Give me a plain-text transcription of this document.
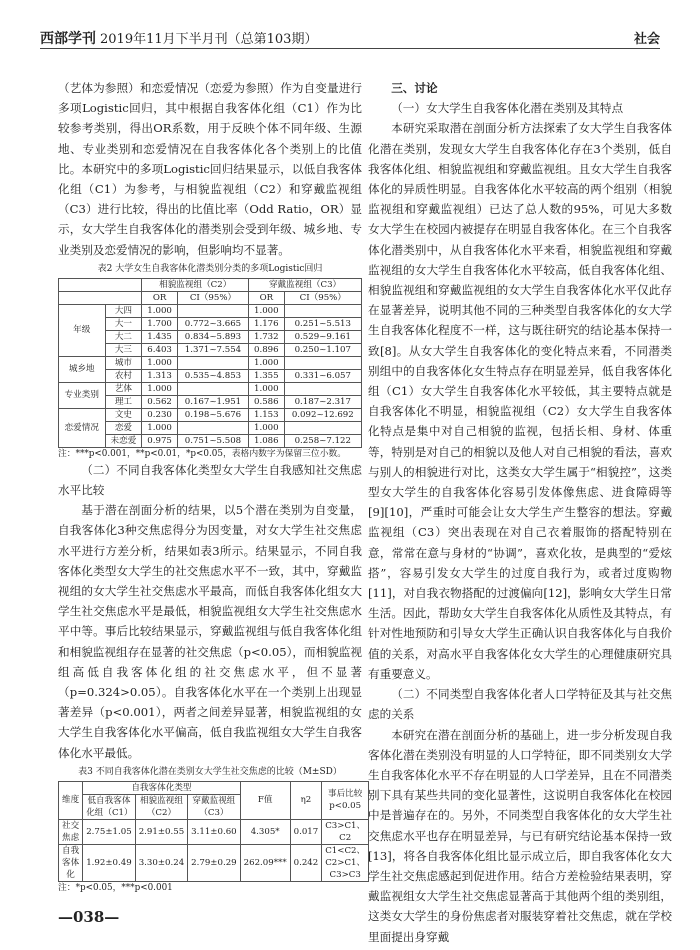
西部学刊 2019年11月下半月刊（总第103期）	社会

（艺体为参照）和恋爱情况（恋爱为参照）作为自变量进行多项Logistic回归，其中根据自我客体化组（C1）作为比较参考类别，得出OR系数，用于反映个体不同年级、生源地、专业类别和恋爱情况在自我客体化各个类别上的比值比。本研究中的多项Logistic回归结果显示，以低自我客体化组（C1）为参考，与相貌监视组（C2）和穿戴监视组（C3）进行比较，得出的比值比率（Odd Ratio，OR）显示，女大学生自我客体化的潜类别会受到年级、城乡地、专业类别及恋爱情况的影响，但影响均不显著。

表2 大学女生自我客体化潜类别分类的多项Logistic回归
		相貌监视组（C2）		穿戴监视组（C3）	
		OR	CI（95%）	OR	CI（95%）
年级	大四	1.000		1.000	
	大一	1.700	0.772~3.665	1.176	0.251~5.513
	大二	1.435	0.834~5.893	1.732	0.529~9.161
	大三	6.403	1.371~7.554	0.896	0.250~1.107
城乡地	城市	1.000		1.000	
	农村	1.313	0.535~4.853	1.355	0.331~6.057
专业类别	艺体	1.000		1.000	
	理工	0.562	0.167~1.951	0.586	0.187~2.317
恋爱情况	文史	0.230	0.198~5.676	1.153	0.092~12.692
	恋爱	1.000		1.000	
	未恋爱	0.975	0.751~5.508	1.086	0.258~7.122

注：***p<0.001，**p<0.01，*p<0.05，表格内数字为保留三位小数。

（二）不同自我客体化类型女大学生自我感知社交焦虑水平比较

基于潜在剖面分析的结果，以5个潜在类别为自变量，自我客体化3种交焦虑得分为因变量，对女大学生社交焦虑水平进行方差分析，结果如表3所示。结果显示，不同自我客体化类型女大学生的社交焦虑水平不一致，其中，穿戴监视组的女大学生社交焦虑水平最高，而低自我客体化组女大学生社交焦虑水平是最低，相貌监视组女大学生社交焦虑水平中等。事后比较结果显示，穿戴监视组与低自我客体化组和相貌监视组存在显著的社交焦虑（p<0.05），而相貌监视组高低自我客体化组的社交焦虑水平，但不显著（p=0.324>0.05）。自我客体化水平在一个类别上出现显著差异（p<0.001），两者之间差异显著，相貌监视组的女大学生自我客体化水平偏高，低自我监视组女大学生自我客体化水平最低。

表3 不同自我客体化潜在类别女大学生社交焦虑的比较（M±SD）
维度	自我客体化类型			F值	η2	事后比较p<0.05
	低自我客体化组（C1）	相貌监视组（C2）	穿戴监视组（C3）			
社交焦虑	2.75±1.05	2.91±0.55	3.11±0.60	4.305*	0.017	C3>C1、C2
自我客体化	1.92±0.49	3.30±0.24	2.79±0.29	262.09***	0.242	C1<C2、C2>C1、C3>C3

注：*p<0.05，***p<0.001

三、讨论

（一）女大学生自我客体化潜在类别及其特点

本研究采取潜在剖面分析方法探索了女大学生自我客体化潜在类别，发现女大学生自我客体化存在3个类别，低自我客体化组、相貌监视组和穿戴监视组。且女大学生自我客体化的异质性明显。自我客体化水平较高的两个组别（相貌监视组和穿戴监视组）已达了总人数的95%，可见大多数女大学生在校园内被提存在明显自我客体化。在三个自我客体化潜类别中，从自我客体化水平来看，相貌监视组和穿戴监视组的女大学生自我客体化水平较高，低自我客体化组、相貌监视组和穿戴监视组的女大学生自我客体化水平仅此存在显著差异，说明其他不同的三种类型自我客体化的女大学生自我客体化程度不一样，这与既往研究的结论基本保持一致[8]。从女大学生自我客体化的变化特点来看，不同潜类别组中的自我客体化女生特点存在明显差异，低自我客体化组（C1）女大学生自我客体化水平较低，其主要特点就是自我客体化不明显，相貌监视组（C2）女大学生自我客体化特点是集中对自己相貌的监视，包括长相、身材、体重等，特别是对自己的相貌以及他人对自己相貌的看法，喜欢与别人的相貌进行对比，这类女大学生属于“相貌控”，这类型女大学生的自我客体化容易引发体像焦虑、进食障碍等[9][10]，严重时可能会让女大学生产生整容的想法。穿戴监视组（C3）突出表现在对自己衣着服饰的搭配特别在意，常常在意与身材的“协调”，喜欢化妆，是典型的“爱炫搭”，容易引发女大学生的过度自我行为，或者过度购物[11]，对自我衣物搭配的过渡偏向[12]，影响女大学生日常生活。因此，帮助女大学生自我客体化从质性及其特点，有针对性地预防和引导女大学生正确认识自我客体化与自我价值的关系，对高水平自我客体化女大学生的心理健康研究具有重要意义。

（二）不同类型自我客体化者人口学特征及其与社交焦虑的关系

本研究在潜在剖面分析的基础上，进一步分析发现自我客体化潜在类别没有明显的人口学特征，即不同类别女大学生自我客体化水平不存在明显的人口学差异，且在不同潜类别下具有某些共同的变化显著性，这说明自我客体化在校园中是普遍存在的。另外，不同类型自我客体化的女大学生社交焦虑水平也存在明显差异，与已有研究结论基本保持一致[13]，将各自我客体化组比显示成立后，即自我客体化女大学生社交焦虑感起到促进作用。结合方差检验结果表明，穿戴监视组女大学生社交焦虑显著高于其他两个组的类别组，这类女大学生的身份焦虑者对服装穿着社交焦虑，就在学校里面提出身穿戴

—038—
